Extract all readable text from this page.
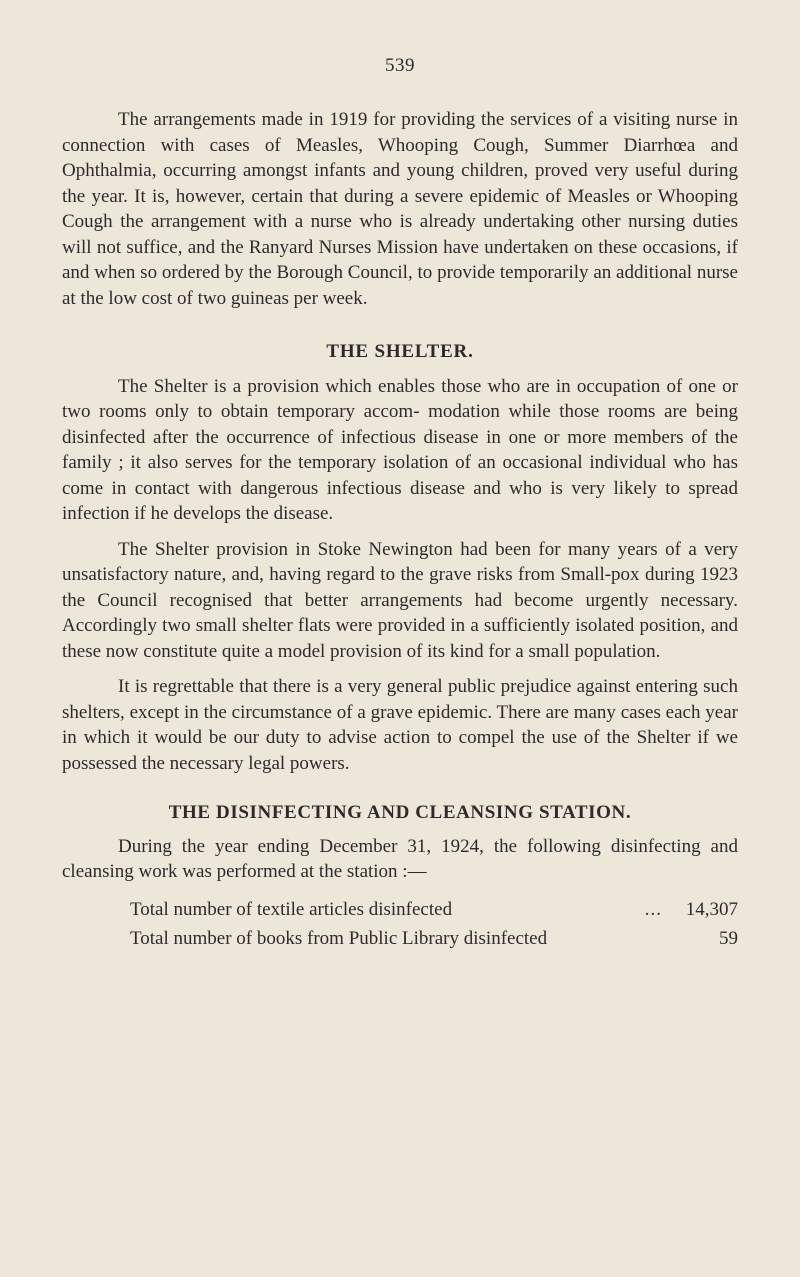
539

The arrangements made in 1919 for providing the services of a visiting nurse in connection with cases of Measles, Whooping Cough, Summer Diarrhœa and Ophthalmia, occurring amongst infants and young children, proved very useful during the year. It is, however, certain that during a severe epidemic of Measles or Whooping Cough the arrangement with a nurse who is already undertaking other nursing duties will not suffice, and the Ranyard Nurses Mission have undertaken on these occasions, if and when so ordered by the Borough Council, to provide temporarily an additional nurse at the low cost of two guineas per week.

THE SHELTER.

The Shelter is a provision which enables those who are in occupation of one or two rooms only to obtain temporary accom- modation while those rooms are being disinfected after the occurrence of infectious disease in one or more members of the family ; it also serves for the temporary isolation of an occasional individual who has come in contact with dangerous infectious disease and who is very likely to spread infection if he develops the disease.

The Shelter provision in Stoke Newington had been for many years of a very unsatisfactory nature, and, having regard to the grave risks from Small-pox during 1923 the Council recognised that better arrangements had become urgently necessary. Accordingly two small shelter flats were provided in a sufficiently isolated position, and these now constitute quite a model provision of its kind for a small population.

It is regrettable that there is a very general public prejudice against entering such shelters, except in the circumstance of a grave epidemic. There are many cases each year in which it would be our duty to advise action to compel the use of the Shelter if we possessed the necessary legal powers.

THE DISINFECTING AND CLEANSING STATION.

During the year ending December 31, 1924, the following disinfecting and cleansing work was performed at the station :—

Total number of textile articles disinfected	...	14,307
Total number of books from Public Library disinfected	59
